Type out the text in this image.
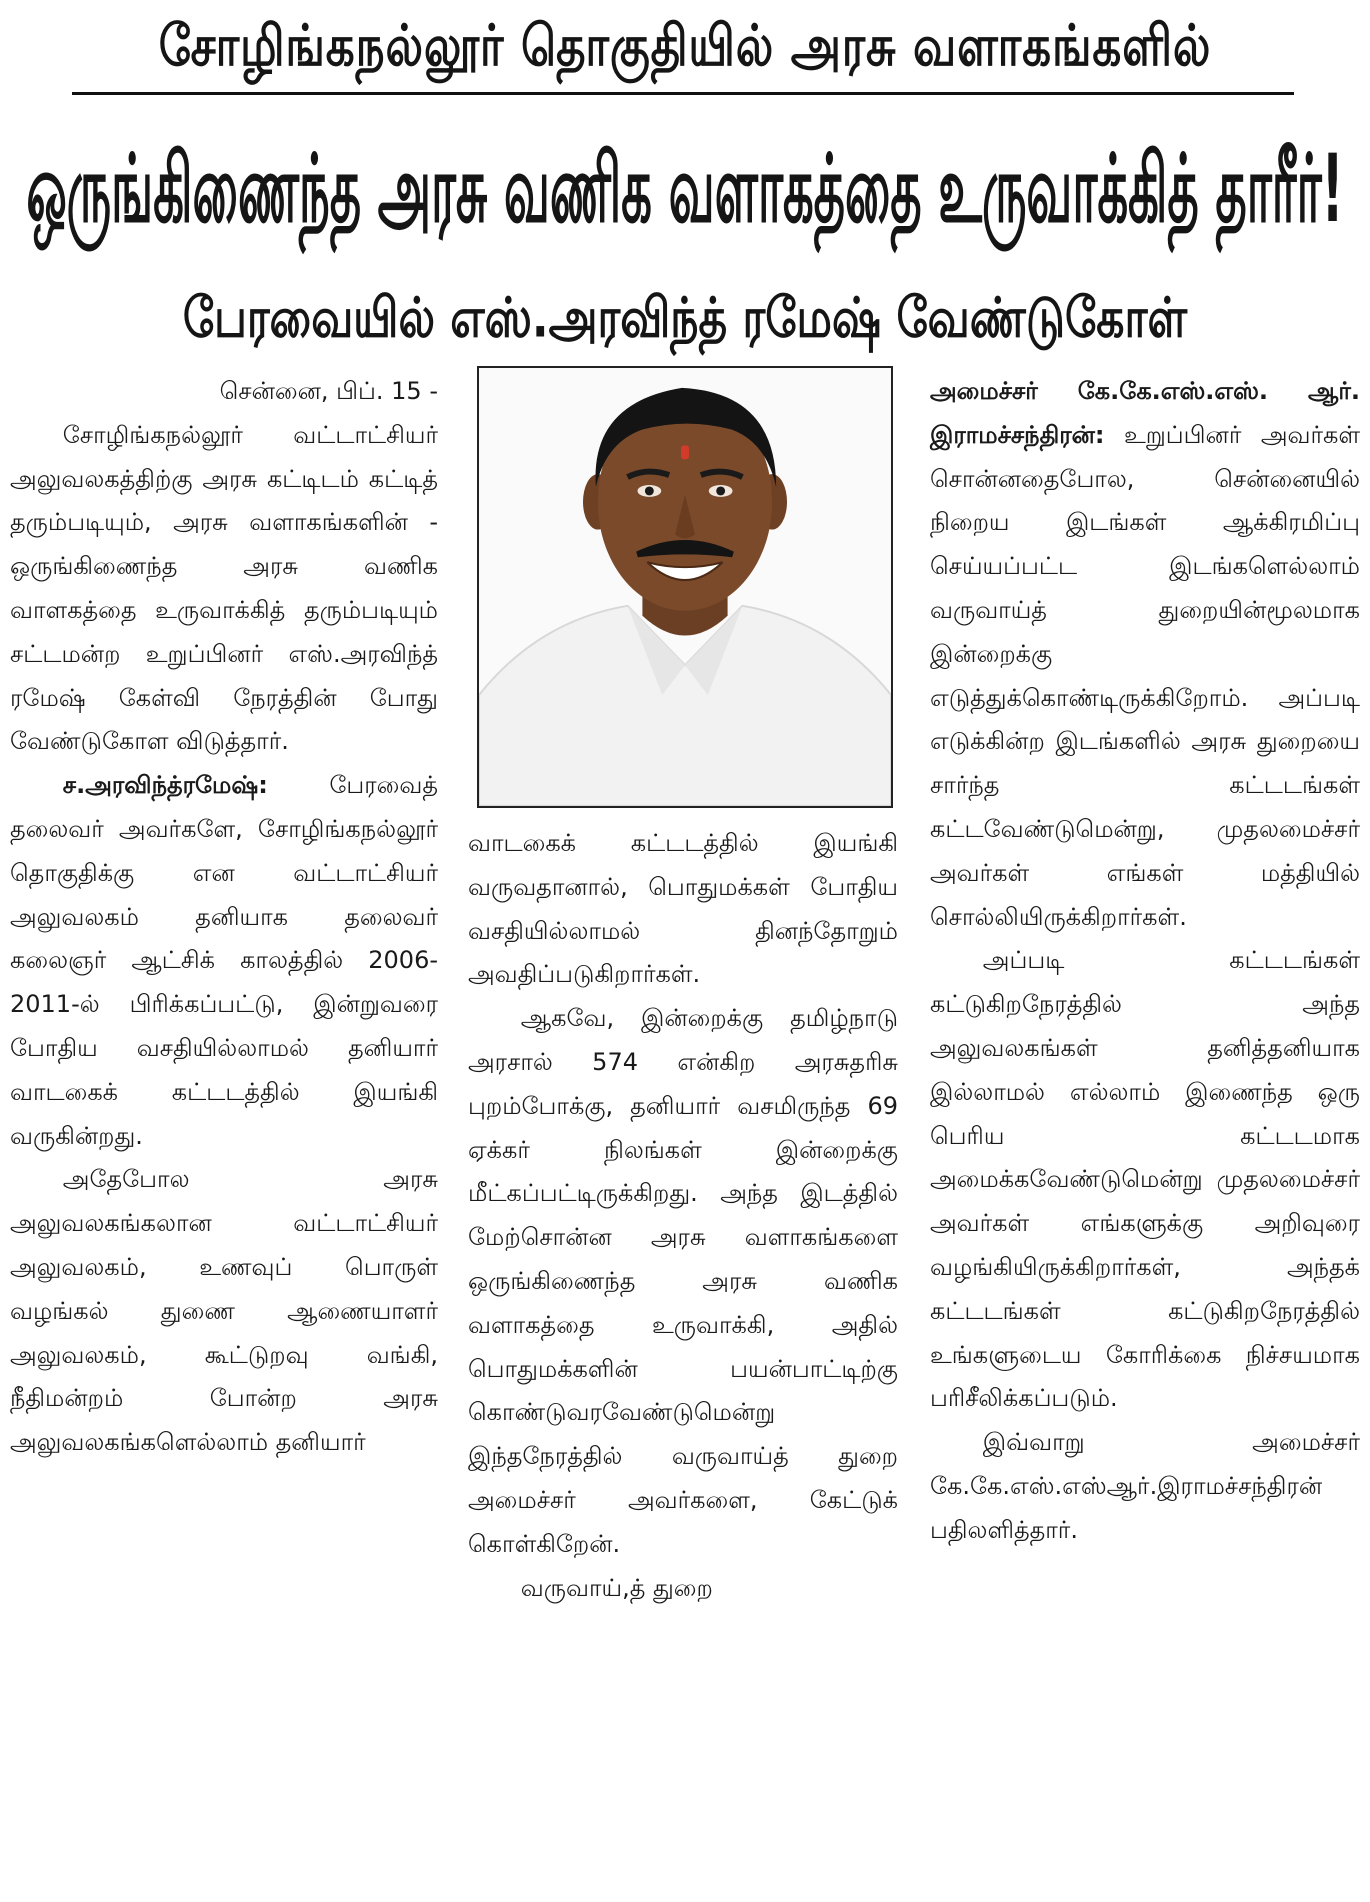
சோழிங்கநல்லூர் தொகுதியில் அரசு வளாகங்களில்
ஒருங்கிணைந்த அரசு வணிக வளாகத்தை உருவாக்கித் தாரீர்!
பேரவையில் எஸ்.அரவிந்த் ரமேஷ் வேண்டுகோள்

சென்னை, பிப். 15 -

சோழிங்கநல்லூர் வட்டாட்சியர் அலுவலகத்திற்கு அரசு கட்டிடம் கட்டித் தரும்படியும், அரசு வளாகங்களின் - ஒருங்கிணைந்த அரசு வணிக வாளகத்தை உருவாக்கித் தரும்படியும் சட்டமன்ற உறுப்பினர் எஸ்.அரவிந்த் ரமேஷ் கேள்வி நேரத்தின் போது வேண்டுகோள விடுத்தார்.

ச.அரவிந்த்ரமேஷ்: பேரவைத் தலைவர் அவர்களே, சோழிங்கநல்லூர் தொகுதிக்கு என வட்டாட்சியர் அலுவலகம் தனியாக தலைவர் கலைஞர் ஆட்சிக் காலத்தில் 2006-2011-ல் பிரிக்கப்பட்டு, இன்றுவரை போதிய வசதியில்லாமல் தனியார் வாடகைக் கட்டடத்தில் இயங்கி வருகின்றது.

அதேபோல அரசு அலுவலகங்கலான வட்டாட்சியர் அலுவலகம், உணவுப் பொருள் வழங்கல் துணை ஆணையாளர் அலுவலகம், கூட்டுறவு வங்கி, நீதிமன்றம் போன்ற அரசு அலுவலகங்களெல்லாம் தனியார்

வாடகைக் கட்டடத்தில் இயங்கி வருவதானால், பொதுமக்கள் போதிய வசதியில்லாமல் தினந்தோறும் அவதிப்படுகிறார்கள்.

ஆகவே, இன்றைக்கு தமிழ்நாடு அரசால் 574 என்கிற அரசுதரிசு புறம்போக்கு, தனியார் வசமிருந்த 69 ஏக்கர் நிலங்கள் இன்றைக்கு மீட்கப்பட்டிருக்கிறது. அந்த இடத்தில் மேற்சொன்ன அரசு வளாகங்களை ஒருங்கிணைந்த அரசு வணிக வளாகத்தை உருவாக்கி, அதில் பொதுமக்களின் பயன்பாட்டிற்கு கொண்டுவரவேண்டுமென்று இந்தநேரத்தில் வருவாய்த் துறை அமைச்சர் அவர்களை, கேட்டுக் கொள்கிறேன்.

வருவாய்,த் துறை

அமைச்சர் கே.கே.எஸ்.எஸ். ஆர். இராமச்சந்திரன்: உறுப்பினர் அவர்கள் சொன்னதைபோல, சென்னையில் நிறைய இடங்கள் ஆக்கிரமிப்பு செய்யப்பட்ட இடங்களெல்லாம் வருவாய்த் துறையின்மூலமாக இன்றைக்கு எடுத்துக்கொண்டிருக்கிறோம். அப்படி எடுக்கின்ற இடங்களில் அரசு துறையை சார்ந்த கட்டடங்கள் கட்டவேண்டுமென்று, முதலமைச்சர் அவர்கள் எங்கள் மத்தியில் சொல்லியிருக்கிறார்கள்.

அப்படி கட்டடங்கள் கட்டுகிறநேரத்தில் அந்த அலுவலகங்கள் தனித்தனியாக இல்லாமல் எல்லாம் இணைந்த ஒரு பெரிய கட்டடமாக அமைக்கவேண்டுமென்று முதலமைச்சர் அவர்கள் எங்களுக்கு அறிவுரை வழங்கியிருக்கிறார்கள், அந்தக் கட்டடங்கள் கட்டுகிறநேரத்தில் உங்களுடைய கோரிக்கை நிச்சயமாக பரிசீலிக்கப்படும்.

இவ்வாறு அமைச்சர் கே.கே.எஸ்.எஸ்ஆர்.இராமச்சந்திரன் பதிலளித்தார்.
